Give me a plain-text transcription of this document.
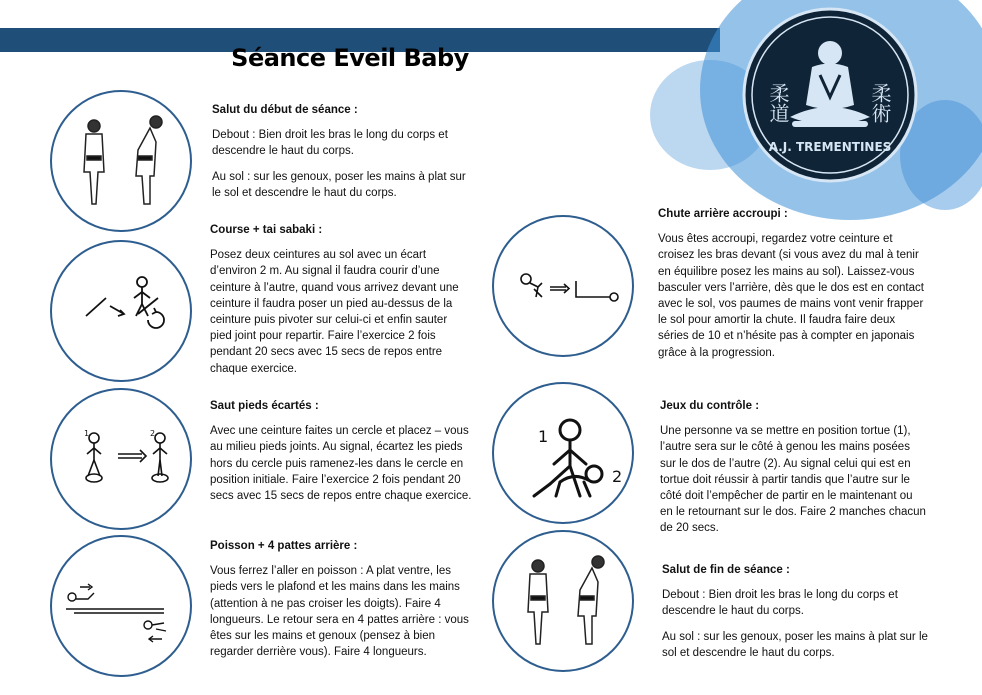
柔道	柔術
A.J. TREMENTINES
Séance Eveil Baby
1	2	1
2
Salut du début de séance :

Debout : Bien droit les bras le long du corps et descendre le haut du corps.

Au sol : sur les genoux, poser les mains à plat sur le sol et descendre le haut du corps.

Course + tai sabaki :

Posez deux ceintures au sol avec un écart d’environ 2 m. Au signal il faudra courir d’une ceinture à l’autre, quand vous arrivez devant une ceinture il faudra poser un pied au-dessus de la ceinture puis pivoter sur celui-ci et enfin sauter pied joint pour repartir. Faire l’exercice 2 fois pendant 20 secs avec 15 secs de repos entre chaque exercice.

Saut pieds écartés :

Avec une ceinture faites un cercle et placez – vous au milieu pieds joints. Au signal, écartez les pieds hors du cercle puis ramenez-les dans le cercle en position initiale. Faire l’exercice 2 fois pendant 20 secs avec 15 secs de repos entre chaque exercice.

Poisson + 4 pattes arrière :

Vous ferrez l’aller en poisson : A plat ventre, les pieds vers le plafond et les mains dans les mains (attention à ne pas croiser les doigts). Faire 4 longueurs. Le retour sera en 4 pattes arrière : vous êtes sur les mains et genoux (pensez à bien regarder derrière vous). Faire 4 longueurs.

Chute arrière accroupi :

Vous êtes accroupi, regardez votre ceinture et croisez les bras devant (si vous avez du mal à tenir en équilibre posez les mains au sol). Laissez-vous basculer vers l’arrière, dès que le dos est en contact avec le sol, vos paumes de mains vont venir frapper le sol pour amortir la chute. Il faudra faire deux séries de 10 et n’hésite pas à compter en japonais grâce à la progression.

Jeux du contrôle :

Une personne va se mettre en position tortue (1), l’autre sera sur le côté à genou les mains posées sur le dos de l’autre (2). Au signal celui qui est en tortue doit réussir à partir tandis que l’autre sur le côté doit l’empêcher de partir en le maintenant ou en le retournant sur le dos. Faire 2 manches chacun de 20 secs.

Salut de fin de séance :

Debout : Bien droit les bras le long du corps et descendre le haut du corps.

Au sol : sur les genoux, poser les mains à plat sur le sol et descendre le haut du corps.
